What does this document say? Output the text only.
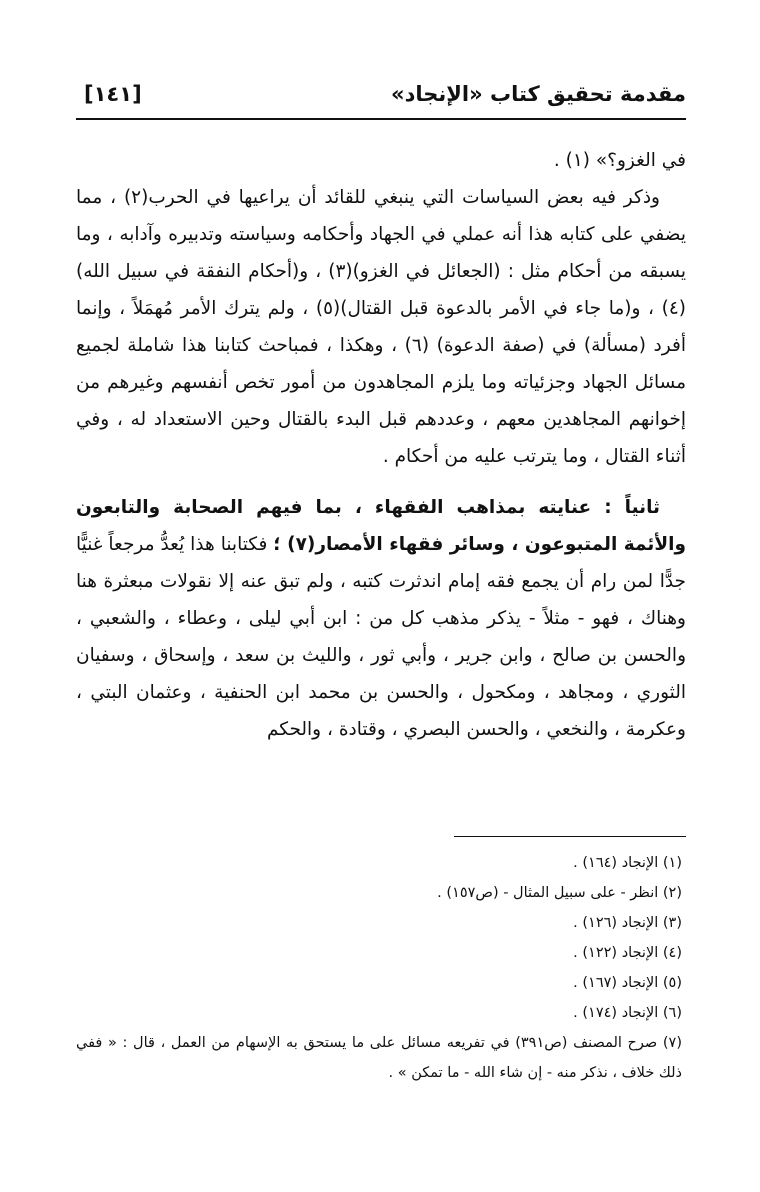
مقدمة تحقيق كتاب «الإنجاد»
[١٤١]

في الغزو؟» (١) .

وذكر فيه بعض السياسات التي ينبغي للقائد أن يراعيها في الحرب(٢) ، مما يضفي على كتابه هذا أنه عملي في الجهاد وأحكامه وسياسته وتدبيره وآدابه ، وما يسبقه من أحكام مثل : (الجعائل في الغزو)(٣) ، و(أحكام النفقة في سبيل الله)(٤) ، و(ما جاء في الأمر بالدعوة قبل القتال)(٥) ، ولم يترك الأمر مُهمَلاً ، وإنما أفرد (مسألة) في (صفة الدعوة) (٦) ، وهكذا ، فمباحث كتابنا هذا شاملة لجميع مسائل الجهاد وجزئياته وما يلزم المجاهدون من أمور تخص أنفسهم وغيرهم من إخوانهم المجاهدين معهم ، وعددهم قبل البدء بالقتال وحين الاستعداد له ، وفي أثناء القتال ، وما يترتب عليه من أحكام .

ثانياً : عنايته بمذاهب الفقهاء ، بما فيهم الصحابة والتابعون والأئمة المتبوعون ، وسائر فقهاء الأمصار(٧) ؛ فكتابنا هذا يُعدُّ مرجعاً غنيًّا جدًّا لمن رام أن يجمع فقه إمام اندثرت كتبه ، ولم تبق عنه إلا نقولات مبعثرة هنا وهناك ، فهو - مثلاً - يذكر مذهب كل من : ابن أبي ليلى ، وعطاء ، والشعبي ، والحسن بن صالح ، وابن جرير ، وأبي ثور ، والليث بن سعد ، وإسحاق ، وسفيان الثوري ، ومجاهد ، ومكحول ، والحسن بن محمد ابن الحنفية ، وعثمان البتي ، وعكرمة ، والنخعي ، والحسن البصري ، وقتادة ، والحكم

(١) الإنجاد (١٦٤) .

(٢) انظر - على سبيل المثال - (ص١٥٧) .

(٣) الإنجاد (١٢٦) .

(٤) الإنجاد (١٢٢) .

(٥) الإنجاد (١٦٧) .

(٦) الإنجاد (١٧٤) .

(٧) صرح المصنف (ص٣٩١) في تفريعه مسائل على ما يستحق به الإسهام من العمل ، قال : « ففي ذلك خلاف ، نذكر منه - إن شاء الله - ما تمكن » .
